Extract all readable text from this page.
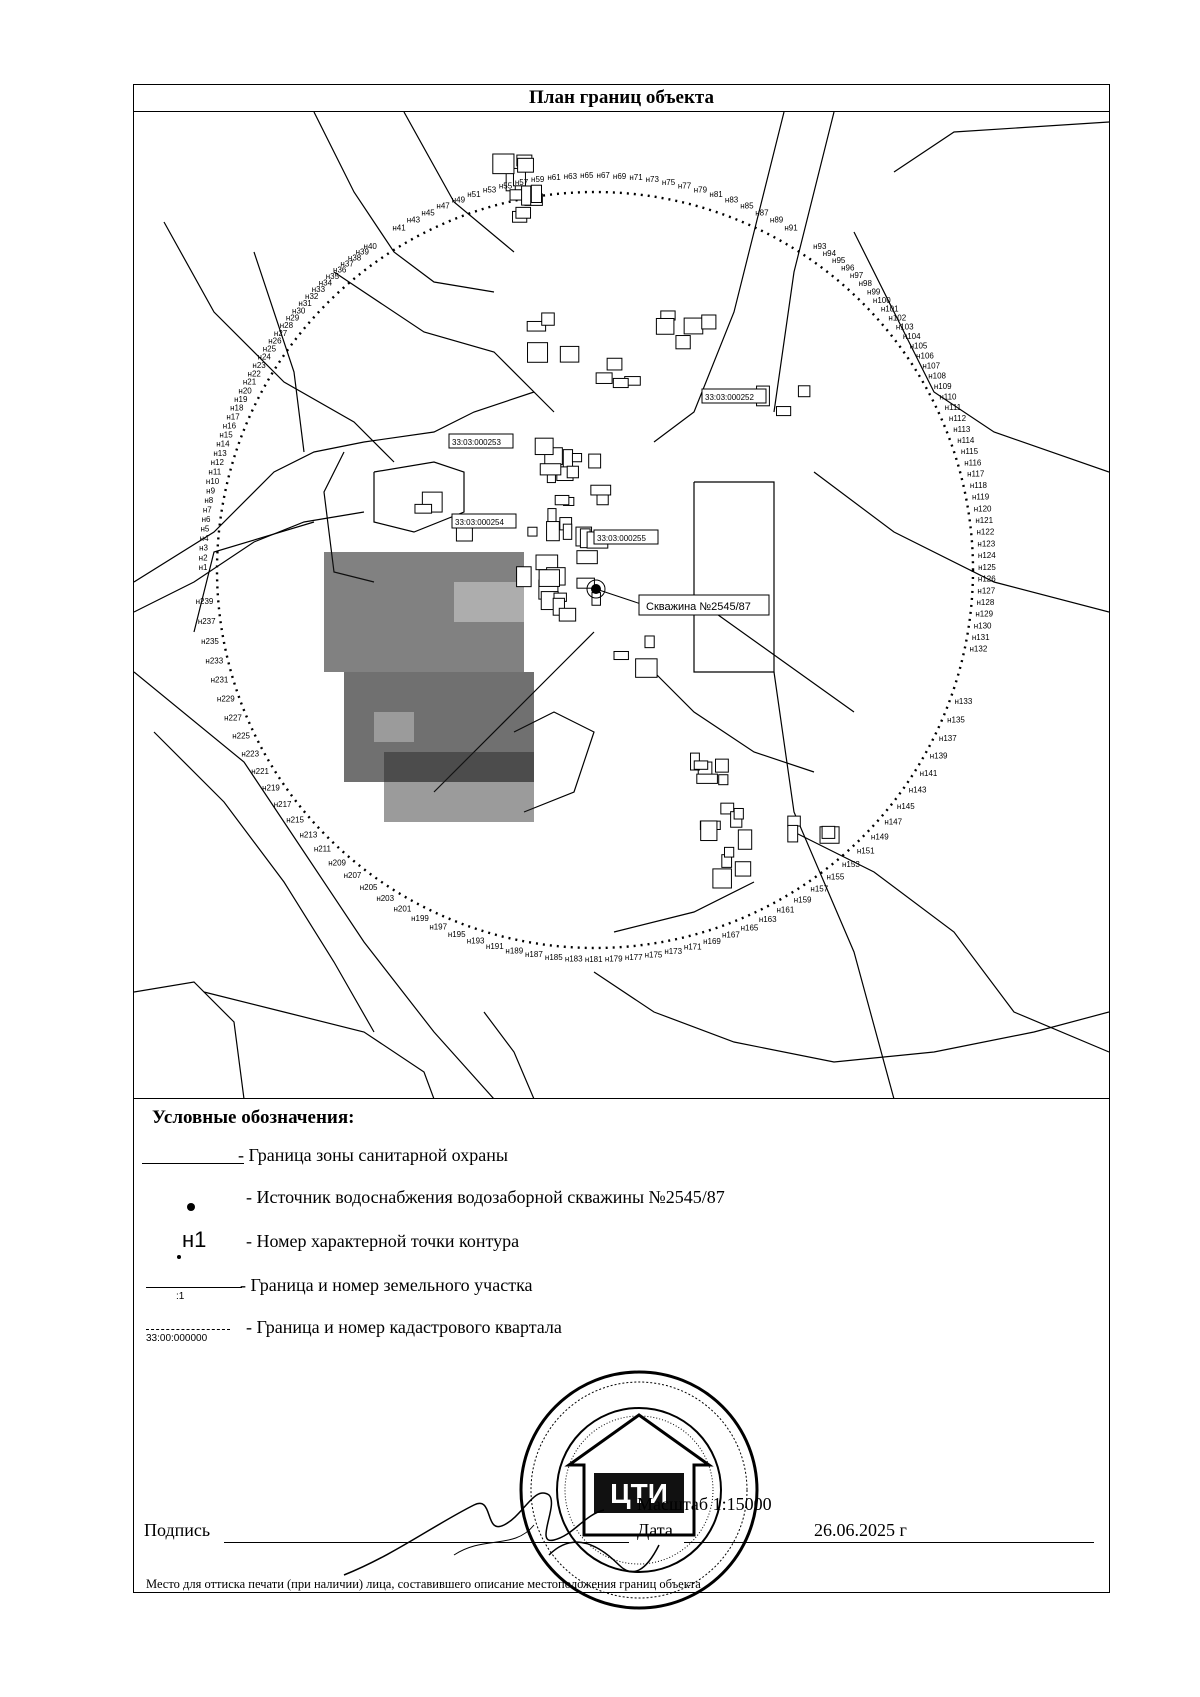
План границ объекта
Скважина №2545/87
33:03:000253
33:03:000252
33:03:000254
33:03:000255
н1
н2
н3
н4
н5
н6
н7
н8
н9
н10
н11
н12
н13
н14
н15
н16
н17
н18
н19
н20
н21
н22
н23
н24
н25
н26
н27
н28
н29
н30
н31
н32
н33
н34
н35
н36
н37
н38
н39
н40
н41
н43
н45
н47
н49
н51
н53 н55 н57 н59 н61 н63 н65 н67 н69 н71 н73 н75 н77 н79
н81
н83
н85
н87
н89
н91
н93
н94
н95
н96
н97
н98
н99
н100
н101
н102
н103
н104
н105
н106
н107
н108
н109
н110
н111
н112
н113
н114
н115
н116
н117
н118
н119
н120
н121
н122
н123
н124
н125
н126
н127
н128
н129
н130
н131
н132
н133
н135
н137
н139
н141
н143
н145
н147
н149
н151
н153
н155
н157
н159
н161
н163
н165
н167
н169
н171
н173
н175
н177
н179
н181
н183
н185
н187
н189
н191
н193
н195
н197
н199
н201
н203
н205
н207
н209
н211
н213
н215
н217
н219
н221
н223
н225
н227
н229
н231
н233
н235
н237
н239
Условные обозначения:
- Граница зоны санитарной охраны
- Источник водоснабжения водозаборной скважины №2545/87
н1 - Номер характерной точки контура
:1
- Граница и номер земельного участка
33:00:000000
- Граница и номер кадастрового квартала
ЦТИ
Масштаб 1:15000
Подпись	Дата	26.06.2025 г
Место для оттиска печати (при наличии) лица, составившего описание местоположения границ объекта
